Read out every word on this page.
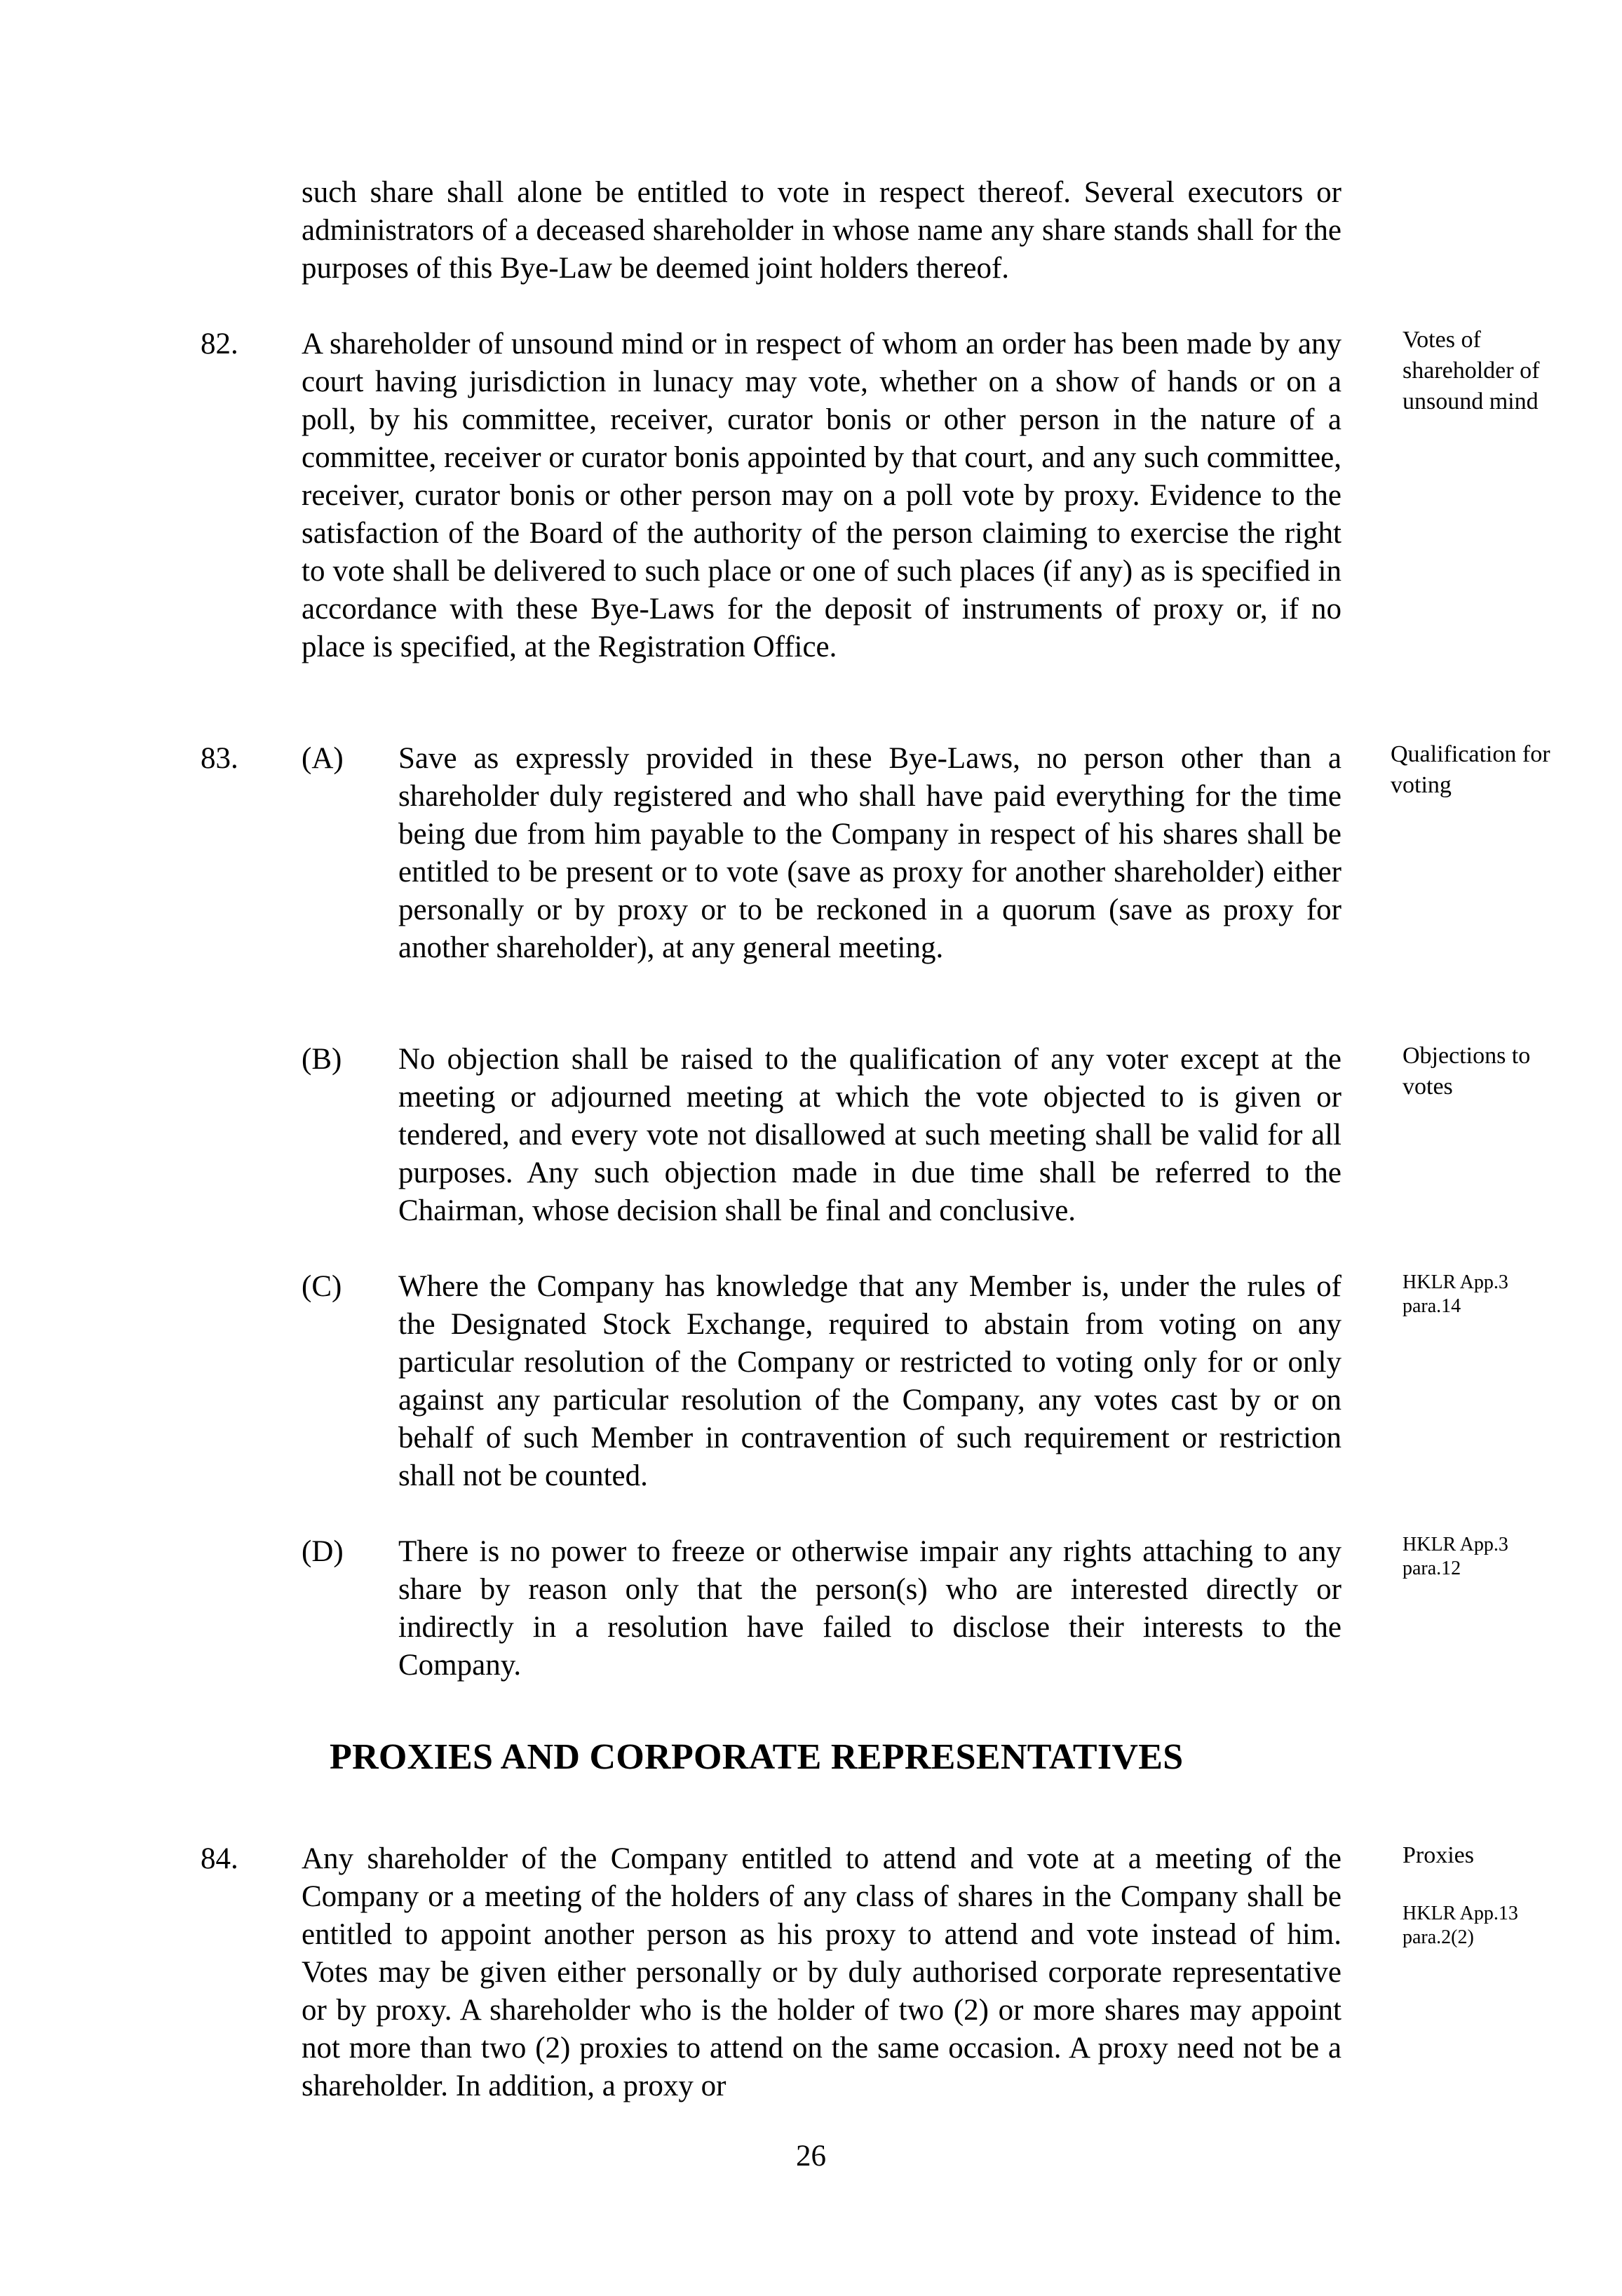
such share shall alone be entitled to vote in respect thereof. Several executors or administrators of a deceased shareholder in whose name any share stands shall for the purposes of this Bye-Law be deemed joint holders thereof.

82. A shareholder of unsound mind or in respect of whom an order has been made by any court having jurisdiction in lunacy may vote, whether on a show of hands or on a poll, by his committee, receiver, curator bonis or other person in the nature of a committee, receiver or curator bonis appointed by that court, and any such committee, receiver, curator bonis or other person may on a poll vote by proxy. Evidence to the satisfaction of the Board of the authority of the person claiming to exercise the right to vote shall be delivered to such place or one of such places (if any) as is specified in accordance with these Bye-Laws for the deposit of instruments of proxy or, if no place is specified, at the Registration Office.

Votes of shareholder of unsound mind

83. (A) Save as expressly provided in these Bye-Laws, no person other than a shareholder duly registered and who shall have paid everything for the time being due from him payable to the Company in respect of his shares shall be entitled to be present or to vote (save as proxy for another shareholder) either personally or by proxy or to be reckoned in a quorum (save as proxy for another shareholder), at any general meeting.

Qualification for voting

(B) No objection shall be raised to the qualification of any voter except at the meeting or adjourned meeting at which the vote objected to is given or tendered, and every vote not disallowed at such meeting shall be valid for all purposes. Any such objection made in due time shall be referred to the Chairman, whose decision shall be final and conclusive.

Objections to votes

(C) Where the Company has knowledge that any Member is, under the rules of the Designated Stock Exchange, required to abstain from voting on any particular resolution of the Company or restricted to voting only for or only against any particular resolution of the Company, any votes cast by or on behalf of such Member in contravention of such requirement or restriction shall not be counted.

HKLR App.3 para.14

(D) There is no power to freeze or otherwise impair any rights attaching to any share by reason only that the person(s) who are interested directly or indirectly in a resolution have failed to disclose their interests to the Company.

HKLR App.3 para.12

PROXIES AND CORPORATE REPRESENTATIVES
84. Any shareholder of the Company entitled to attend and vote at a meeting of the Company or a meeting of the holders of any class of shares in the Company shall be entitled to appoint another person as his proxy to attend and vote instead of him. Votes may be given either personally or by duly authorised corporate representative or by proxy. A shareholder who is the holder of two (2) or more shares may appoint not more than two (2) proxies to attend on the same occasion. A proxy need not be a shareholder. In addition, a proxy or

Proxies

HKLR App.13 para.2(2)

26
